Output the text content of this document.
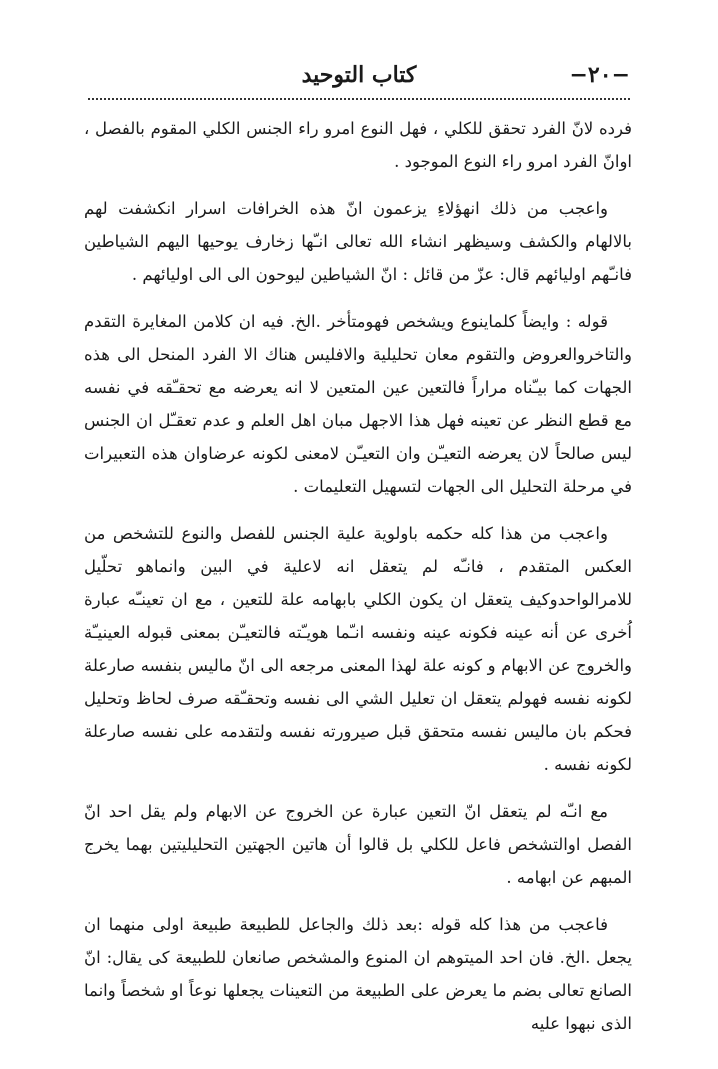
−٢٠−
كتاب التوحيد

فرده لانّ الفرد تحقق للكلي ، فهل النوع امرو راء الجنس الكلي المقوم بالفصل ، اوانّ الفرد امرو راء النوع الموجود .

واعجب من ذلك انهؤلاءِ يزعمون انّ هذه الخرافات اسرار انكشفت لهم بالالهام والكشف وسيظهر انشاء الله تعالى انـّها زخارف يوحيها اليهم الشياطين فانـّهم اوليائهم قال: عزّ من قائل : انّ الشياطين ليوحون الى الى اوليائهم .

قوله : وايضاً كلماينوع ويشخص فهومتأخر .الخ. فيه ان كلامن المغايرة التقدم والتاخروالعروض والتقوم معان تحليلية والافليس هناك الا الفرد المنحل الى هذه الجهات كما بيـّناه مراراً فالتعين عين المتعين لا انه يعرضه مع تحقـّقه في نفسه مع قطع النظر عن تعينه فهل هذا الاجهل مبان اهل العلم و عدم تعقـّل ان الجنس ليس صالحاً لان يعرضه التعيـّن وان التعيـّن لامعنى لكونه عرضاوان هذه التعبيرات في مرحلة التحليل الى الجهات لتسهيل التعليمات .

واعجب من هذا كله حكمه باولوية علية الجنس للفصل والنوع للتشخص من العكس المتقدم ، فانـّه لم يتعقل انه لاعلية في البين وانماهو تحلّيل للامرالواحدوكيف يتعقل ان يكون الكلي بابهامه علة للتعين ، مع ان تعينـّه عبارة اُخرى عن أنه عينه فكونه عينه ونفسه انـّما هويـّته فالتعيـّن بمعنى قبوله العينيـّة والخروج عن الابهام و كونه علة لهذا المعنى مرجعه الى انّ ماليس بنفسه صارعلة لكونه نفسه فهولم يتعقل ان تعليل الشي الى نفسه وتحقـّقه صرف لحاظ وتحليل فحكم بان ماليس نفسه متحقق قبل صيرورته نفسه ولتقدمه على نفسه صارعلة لكونه نفسه .

مع انـّه لم يتعقل انّ التعين عبارة عن الخروج عن الابهام ولم يقل احد انّ الفصل اوالتشخص فاعل للكلي بل قالوا أن هاتين الجهتين التحليليتين بهما يخرج المبهم عن ابهامه .

فاعجب من هذا كله قوله :بعد ذلك والجاعل للطبيعة طبيعة اولى منهما ان يجعل .الخ. فان احد الميتوهم ان المنوع والمشخص صانعان للطبيعة كى يقال: انّ الصانع تعالى بضم ما يعرض على الطبيعة من التعينات يجعلها نوعاً او شخصاً وانما الذى نبهوا عليه
